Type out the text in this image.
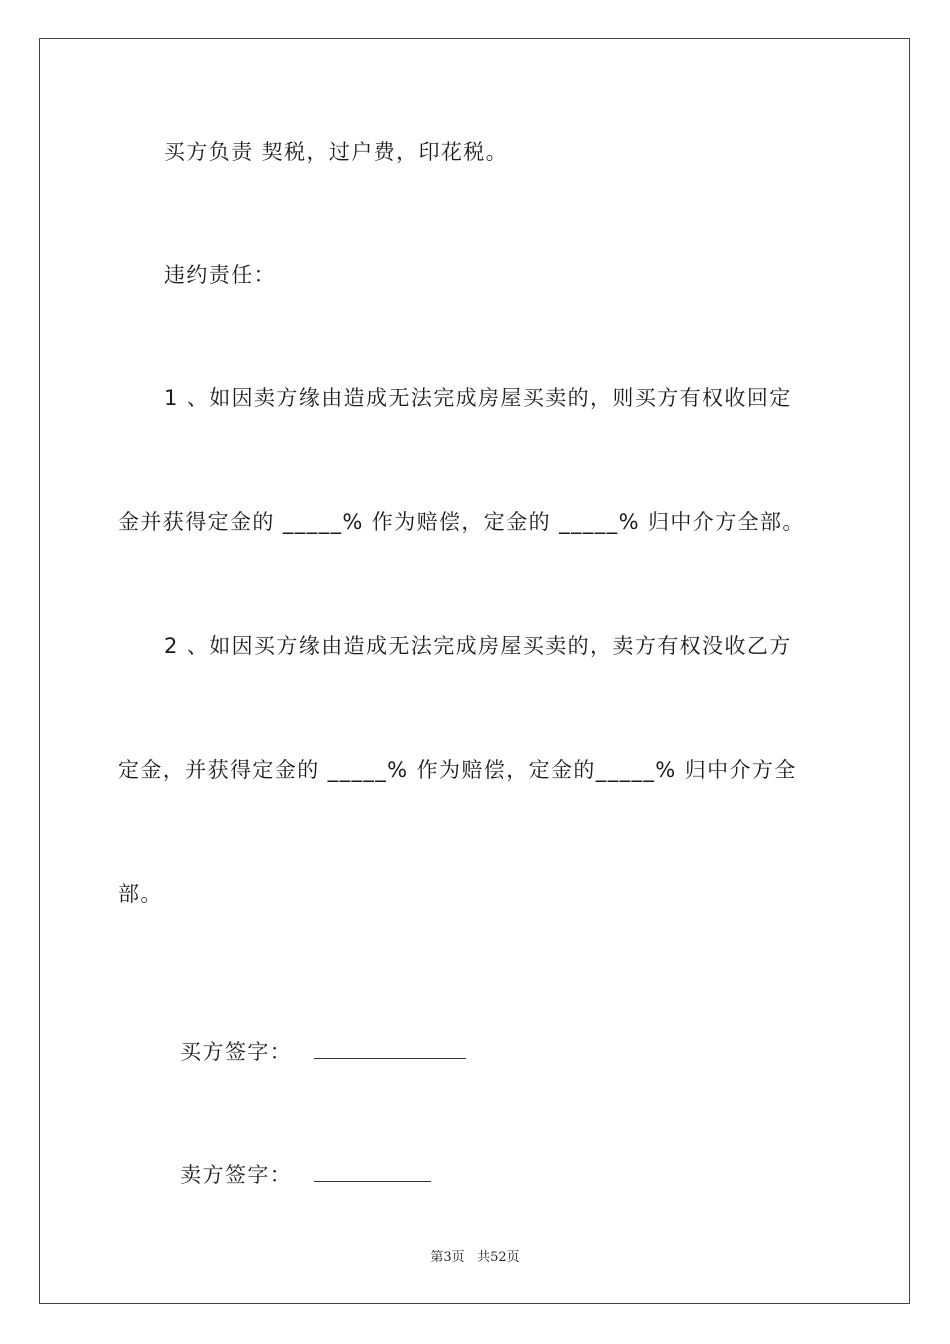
买方负责 契税，过户费，印花税。
违约责任：
1 、如因卖方缘由造成无法完成房屋买卖的，则买方有权收回定
金并获得定金的 _____% 作为赔偿，定金的 _____% 归中介方全部。
2 、如因买方缘由造成无法完成房屋买卖的，卖方有权没收乙方
定金，并获得定金的 _____% 作为赔偿，定金的_____% 归中介方全
部。

买方签字：

卖方签字：

第3页 共52页
